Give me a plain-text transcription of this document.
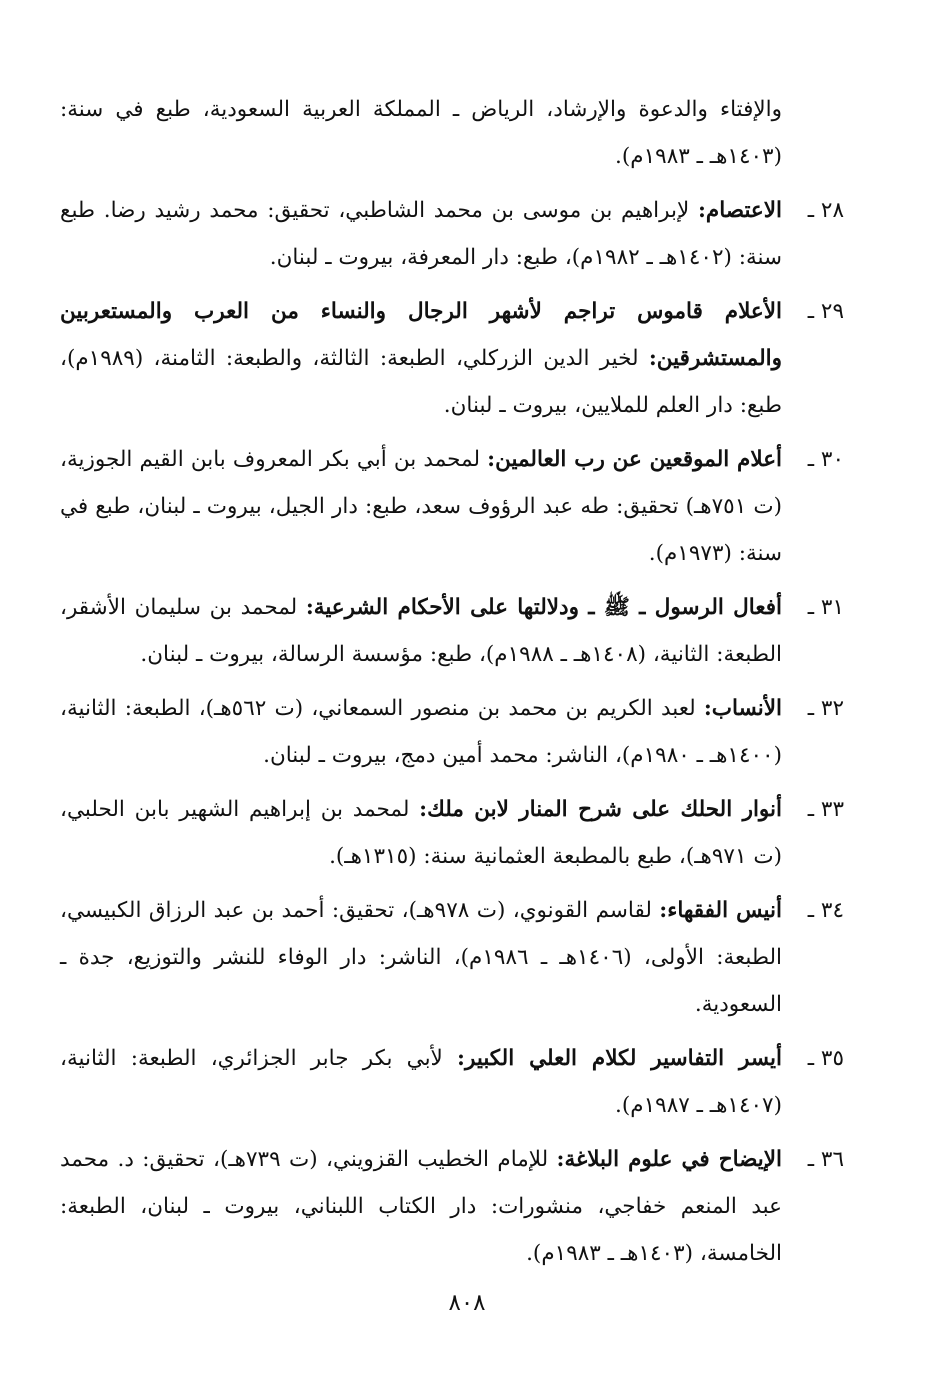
والإفتاء والدعوة والإرشاد، الرياض ـ المملكة العربية السعودية، طبع في سنة: (١٤٠٣هـ ـ ١٩٨٣م).
٢٨ ـ
الاعتصام: لإبراهيم بن موسى بن محمد الشاطبي، تحقيق: محمد رشيد رضا. طبع سنة: (١٤٠٢هـ ـ ١٩٨٢م)، طبع: دار المعرفة، بيروت ـ لبنان.
٢٩ ـ
الأعلام قاموس تراجم لأشهر الرجال والنساء من العرب والمستعربين والمستشرقين: لخير الدين الزركلي، الطبعة: الثالثة، والطبعة: الثامنة، (١٩٨٩م)، طبع: دار العلم للملايين، بيروت ـ لبنان.
٣٠ ـ
أعلام الموقعين عن رب العالمين: لمحمد بن أبي بكر المعروف بابن القيم الجوزية، (ت ٧٥١هـ) تحقيق: طه عبد الرؤوف سعد، طبع: دار الجيل، بيروت ـ لبنان، طبع في سنة: (١٩٧٣م).
٣١ ـ
أفعال الرسول ـ ﷺ ـ ودلالتها على الأحكام الشرعية: لمحمد بن سليمان الأشقر، الطبعة: الثانية، (١٤٠٨هـ ـ ١٩٨٨م)، طبع: مؤسسة الرسالة، بيروت ـ لبنان.
٣٢ ـ
الأنساب: لعبد الكريم بن محمد بن منصور السمعاني، (ت ٥٦٢هـ)، الطبعة: الثانية، (١٤٠٠هـ ـ ١٩٨٠م)، الناشر: محمد أمين دمج، بيروت ـ لبنان.
٣٣ ـ
أنوار الحلك على شرح المنار لابن ملك: لمحمد بن إبراهيم الشهير بابن الحلبي، (ت ٩٧١هـ)، طبع بالمطبعة العثمانية سنة: (١٣١٥هـ).
٣٤ ـ
أنيس الفقهاء: لقاسم القونوي، (ت ٩٧٨هـ)، تحقيق: أحمد بن عبد الرزاق الكبيسي، الطبعة: الأولى، (١٤٠٦هـ ـ ١٩٨٦م)، الناشر: دار الوفاء للنشر والتوزيع، جدة ـ السعودية.
٣٥ ـ
أيسر التفاسير لكلام العلي الكبير: لأبي بكر جابر الجزائري، الطبعة: الثانية، (١٤٠٧هـ ـ ١٩٨٧م).
٣٦ ـ
الإيضاح في علوم البلاغة: للإمام الخطيب القزويني، (ت ٧٣٩هـ)، تحقيق: د. محمد عبد المنعم خفاجي، منشورات: دار الكتاب اللبناني، بيروت ـ لبنان، الطبعة: الخامسة، (١٤٠٣هـ ـ ١٩٨٣م).
٨٠٨
